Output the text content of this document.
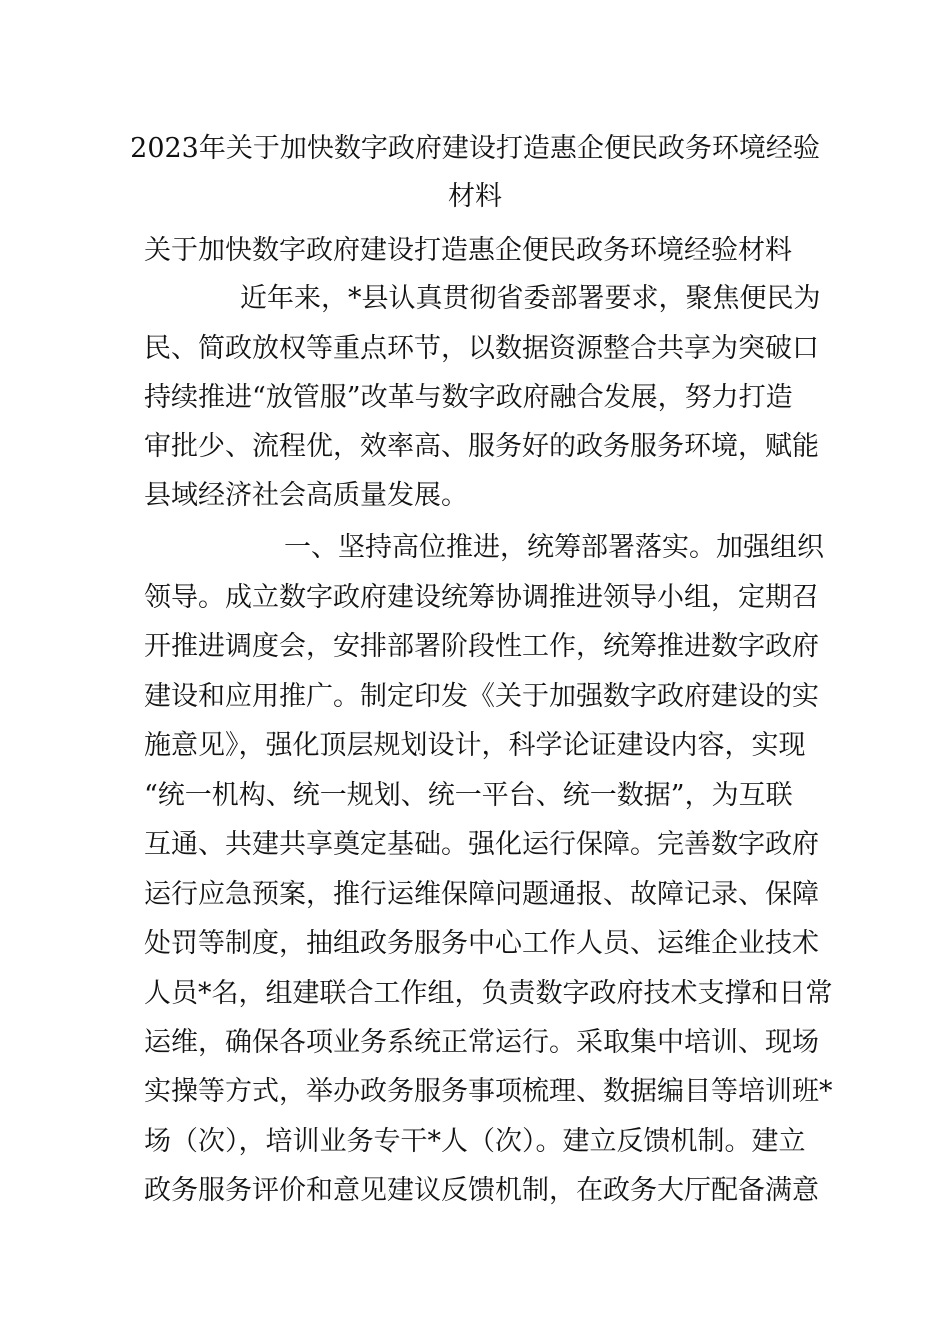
2023年关于加快数字政府建设打造惠企便民政务环境经验
材料

关于加快数字政府建设打造惠企便民政务环境经验材料

近年来，*县认真贯彻省委部署要求，聚焦便民为

民、简政放权等重点环节，以数据资源整合共享为突破口

持续推进“放管服”改革与数字政府融合发展，努力打造

审批少、流程优，效率高、服务好的政务服务环境，赋能

县域经济社会高质量发展。

一、坚持高位推进，统筹部署落实。加强组织

领导。成立数字政府建设统筹协调推进领导小组，定期召

开推进调度会，安排部署阶段性工作，统筹推进数字政府

建设和应用推广。制定印发《关于加强数字政府建设的实

施意见》，强化顶层规划设计，科学论证建设内容，实现

“统一机构、统一规划、统一平台、统一数据”，为互联

互通、共建共享奠定基础。强化运行保障。完善数字政府

运行应急预案，推行运维保障问题通报、故障记录、保障

处罚等制度，抽组政务服务中心工作人员、运维企业技术

人员*名，组建联合工作组，负责数字政府技术支撑和日常

运维，确保各项业务系统正常运行。采取集中培训、现场

实操等方式，举办政务服务事项梳理、数据编目等培训班*

场（次），培训业务专干*人（次）。建立反馈机制。建立

政务服务评价和意见建议反馈机制，在政务大厅配备满意
